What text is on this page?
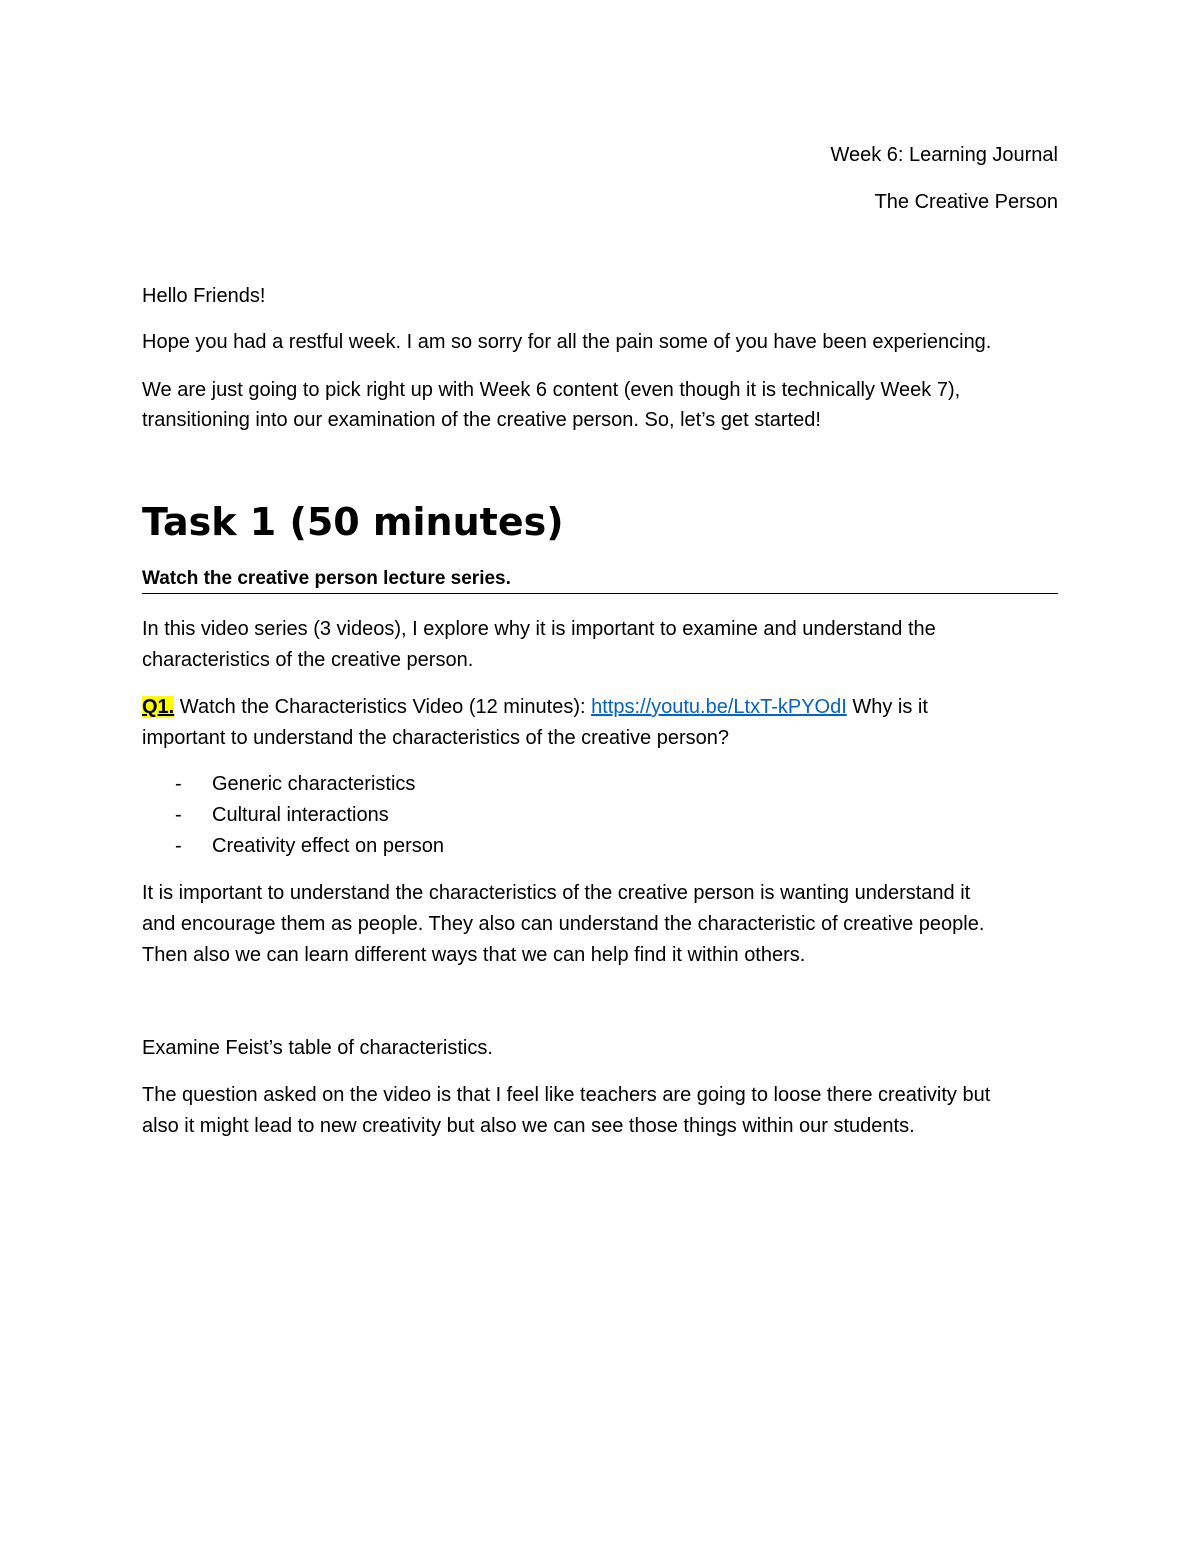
Week 6: Learning Journal

The Creative Person

Hello Friends!

Hope you had a restful week. I am so sorry for all the pain some of you have been experiencing.

We are just going to pick right up with Week 6 content (even though it is technically Week 7),

transitioning into our examination of the creative person. So, let’s get started!

Task 1 (50 minutes)

Watch the creative person lecture series.

In this video series (3 videos), I explore why it is important to examine and understand the

characteristics of the creative person.

Q1. Watch the Characteristics Video (12 minutes): https://youtu.be/LtxT-kPYOdI Why is it

important to understand the characteristics of the creative person?

- Generic characteristics
- Cultural interactions
- Creativity effect on person

It is important to understand the characteristics of the creative person is wanting understand it

and encourage them as people. They also can understand the characteristic of creative people.

Then also we can learn different ways that we can help find it within others.

Examine Feist’s table of characteristics.

The question asked on the video is that I feel like teachers are going to loose there creativity but

also it might lead to new creativity but also we can see those things within our students.
